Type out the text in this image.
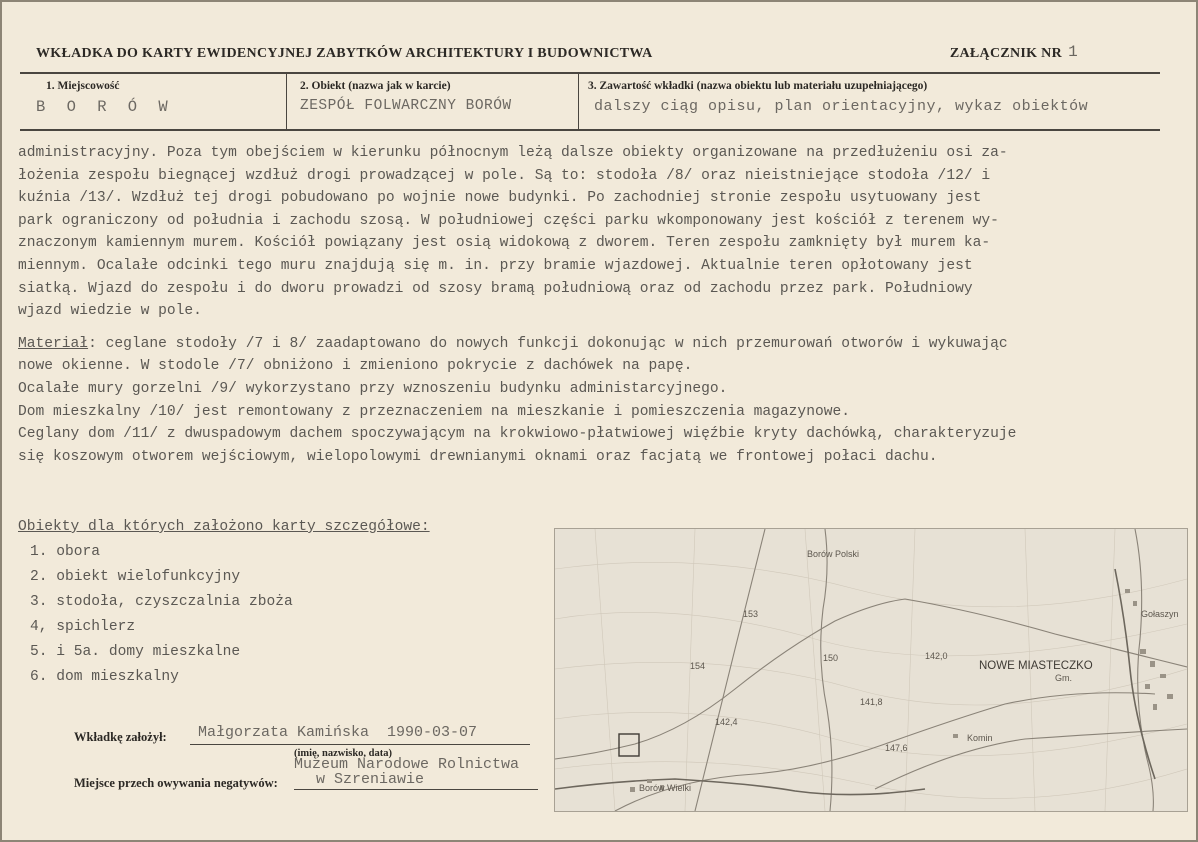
WKŁADKA DO KARTY EWIDENCYJNEJ ZABYTKÓW ARCHITEKTURY I BUDOWNICTWA	ZAŁĄCZNIK NR 1
1. Miejscowość
B O R Ó W
2. Obiekt (nazwa jak w karcie)
ZESPÓŁ FOLWARCZNY BORÓW
3. Zawartość wkładki (nazwa obiektu lub materiału uzupełniającego)
dalszy ciąg opisu, plan orientacyjny, wykaz obiektów

administracyjny. Poza tym obejściem w kierunku północnym leżą dalsze obiekty organizowane na przedłużeniu osi za-

łożenia zespołu biegnącej wzdłuż drogi prowadzącej w pole. Są to: stodoła /8/ oraz nieistniejące stodoła /12/ i

kuźnia /13/. Wzdłuż tej drogi pobudowano po wojnie nowe budynki. Po zachodniej stronie zespołu usytuowany jest

park ograniczony od południa i zachodu szosą. W południowej części parku wkomponowany jest kościół z terenem wy-

znaczonym kamiennym murem. Kościół powiązany jest osią widokową z dworem. Teren zespołu zamknięty był murem ka-

miennym. Ocalałe odcinki tego muru znajdują się m. in. przy bramie wjazdowej. Aktualnie teren opłotowany jest

siatką. Wjazd do zespołu i do dworu prowadzi od szosy bramą południową oraz od zachodu przez park. Południowy

wjazd wiedzie w pole.

Materiał: ceglane stodoły /7 i 8/ zaadaptowano do nowych funkcji dokonując w nich przemurowań otworów i wykuwając

nowe okienne. W stodole /7/ obniżono i zmieniono pokrycie z dachówek na papę.

Ocalałe mury gorzelni /9/ wykorzystano przy wznoszeniu budynku administarcyjnego.

Dom mieszkalny /10/ jest remontowany z przeznaczeniem na mieszkanie i pomieszczenia magazynowe.

Ceglany dom /11/ z dwuspadowym dachem spoczywającym na krokwiowo-płatwiowej więźbie kryty dachówką, charakteryzuje

się koszowym otworem wejściowym, wielopolowymi drewnianymi oknami oraz facjatą we frontowej połaci dachu.

Obiekty dla których założono karty szczegółowe:
1. obora
2. obiekt wielofunkcyjny
3. stodoła, czyszczalnia zboża
4, spichlerz
5. i 5a. domy mieszkalne
6. dom mieszkalny
Borów Polski
Gołaszyn
NOWE MIASTECZKO
Gm.
Borów Wielki
153
154
150	142,0
142,4
147,6
141,8
Komin
Wkładkę założył: Małgorzata Kamińska  1990-03-07
(imię, nazwisko, data)
Miejsce przech owywania negatywów:
Muzeum Narodowe Rolnictwa
w Szreniawie
